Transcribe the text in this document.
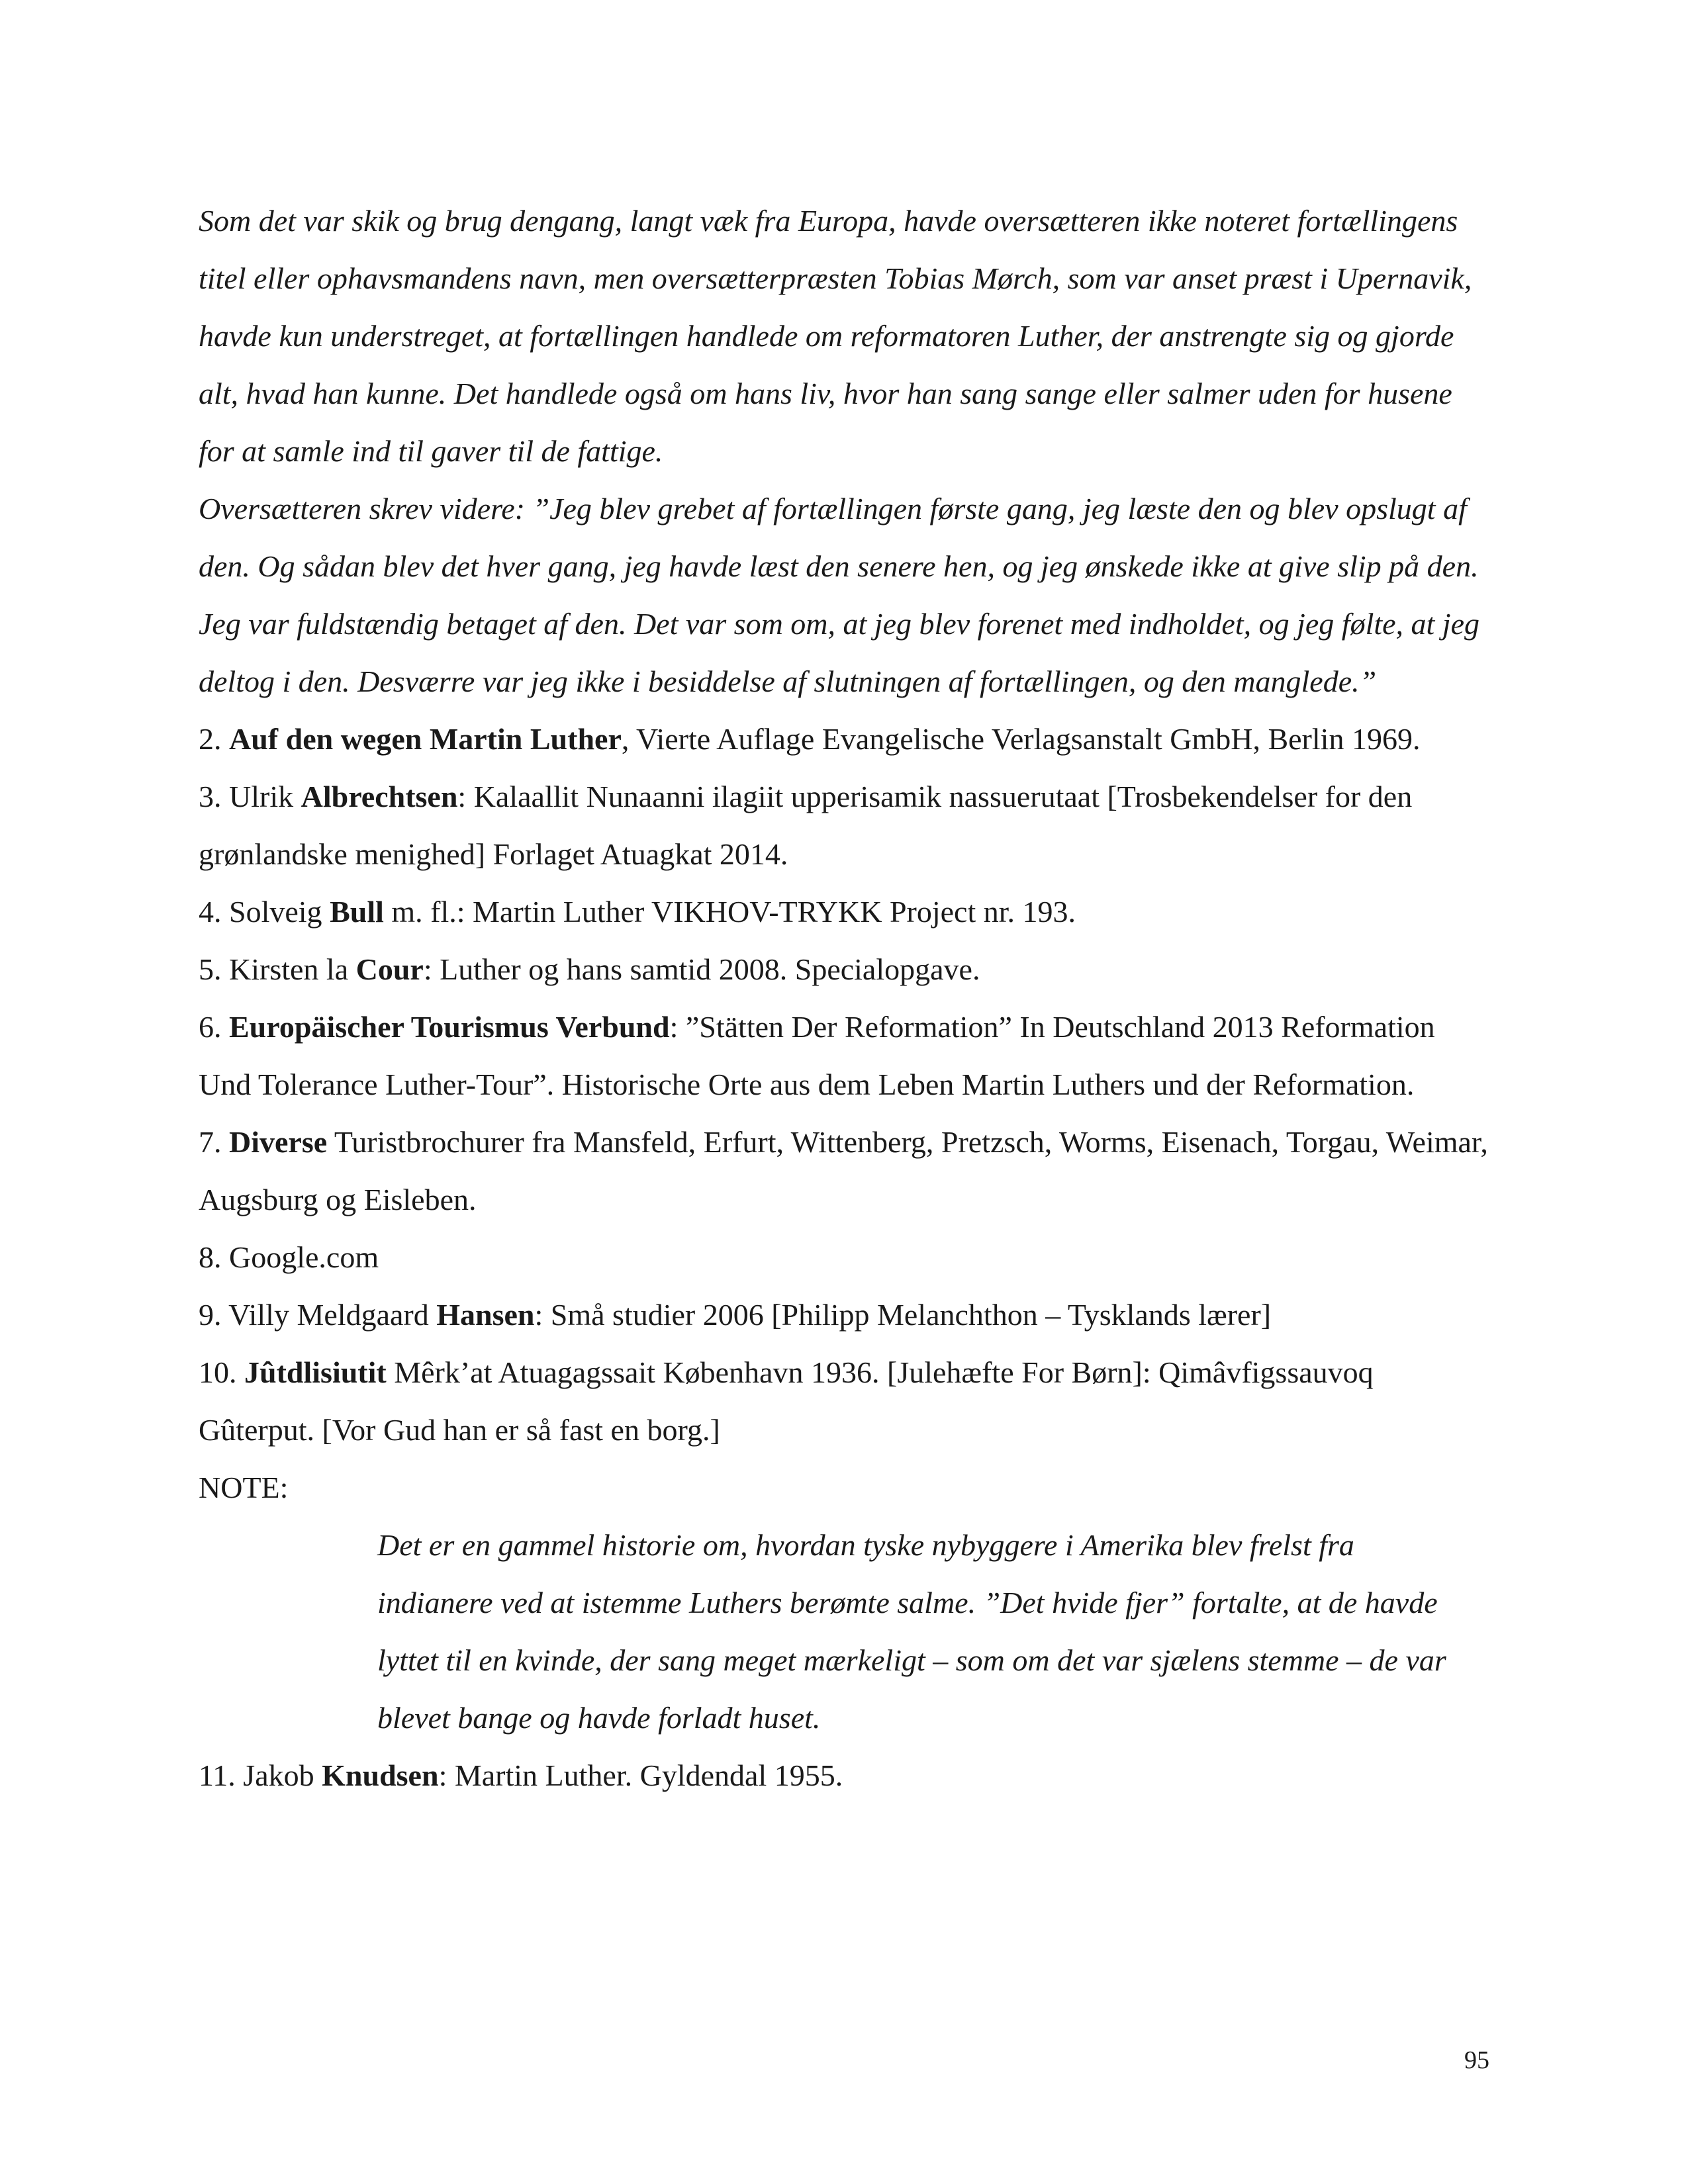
Som det var skik og brug dengang, langt væk fra Europa, havde oversætteren ikke noteret fortællingens titel eller ophavsmandens navn, men oversætterpræsten Tobias Mørch, som var anset præst i Upernavik, havde kun understreget, at fortællingen handlede om reformatoren Luther, der anstrengte sig og gjorde alt, hvad han kunne. Det handlede også om hans liv, hvor han sang sange eller salmer uden for husene for at samle ind til gaver til de fattige.

Oversætteren skrev videre: ”Jeg blev grebet af fortællingen første gang, jeg læste den og blev opslugt af den. Og sådan blev det hver gang, jeg havde læst den senere hen, og jeg ønskede ikke at give slip på den. Jeg var fuldstændig betaget af den. Det var som om, at jeg blev forenet med indholdet, og jeg følte, at jeg deltog i den. Desværre var jeg ikke i besiddelse af slutningen af fortællingen, og den manglede.”

2. Auf den wegen Martin Luther, Vierte Auflage Evangelische Verlagsanstalt GmbH, Berlin 1969.

3. Ulrik Albrechtsen: Kalaallit Nunaanni ilagiit upperisamik nassuerutaat [Trosbekendelser for den grønlandske menighed] Forlaget Atuagkat 2014.

4. Solveig Bull m. fl.: Martin Luther VIKHOV-TRYKK Project nr. 193.

5. Kirsten la Cour: Luther og hans samtid 2008. Specialopgave.

6. Europäischer Tourismus Verbund: ”Stätten Der Reformation” In Deutschland 2013 Reformation Und Tolerance Luther-Tour”. Historische Orte aus dem Leben Martin Luthers und der Reformation.

7. Diverse Turistbrochurer fra Mansfeld, Erfurt, Wittenberg, Pretzsch, Worms, Eisenach, Torgau, Weimar, Augsburg og Eisleben.

8. Google.com

9. Villy Meldgaard Hansen: Små studier 2006 [Philipp Melanchthon – Tysklands lærer]

10. Jûtdlisiutit Mêrk’at Atuagagssait København 1936. [Julehæfte For Børn]: Qimâvfigssauvoq Gûterput. [Vor Gud han er så fast en borg.]

NOTE:

Det er en gammel historie om, hvordan tyske nybyggere i Amerika blev frelst fra indianere ved at istemme Luthers berømte salme. ”Det hvide fjer” fortalte, at de havde lyttet til en kvinde, der sang meget mærkeligt – som om det var sjælens stemme – de var blevet bange og havde forladt huset.

11. Jakob Knudsen: Martin Luther. Gyldendal 1955.

95
